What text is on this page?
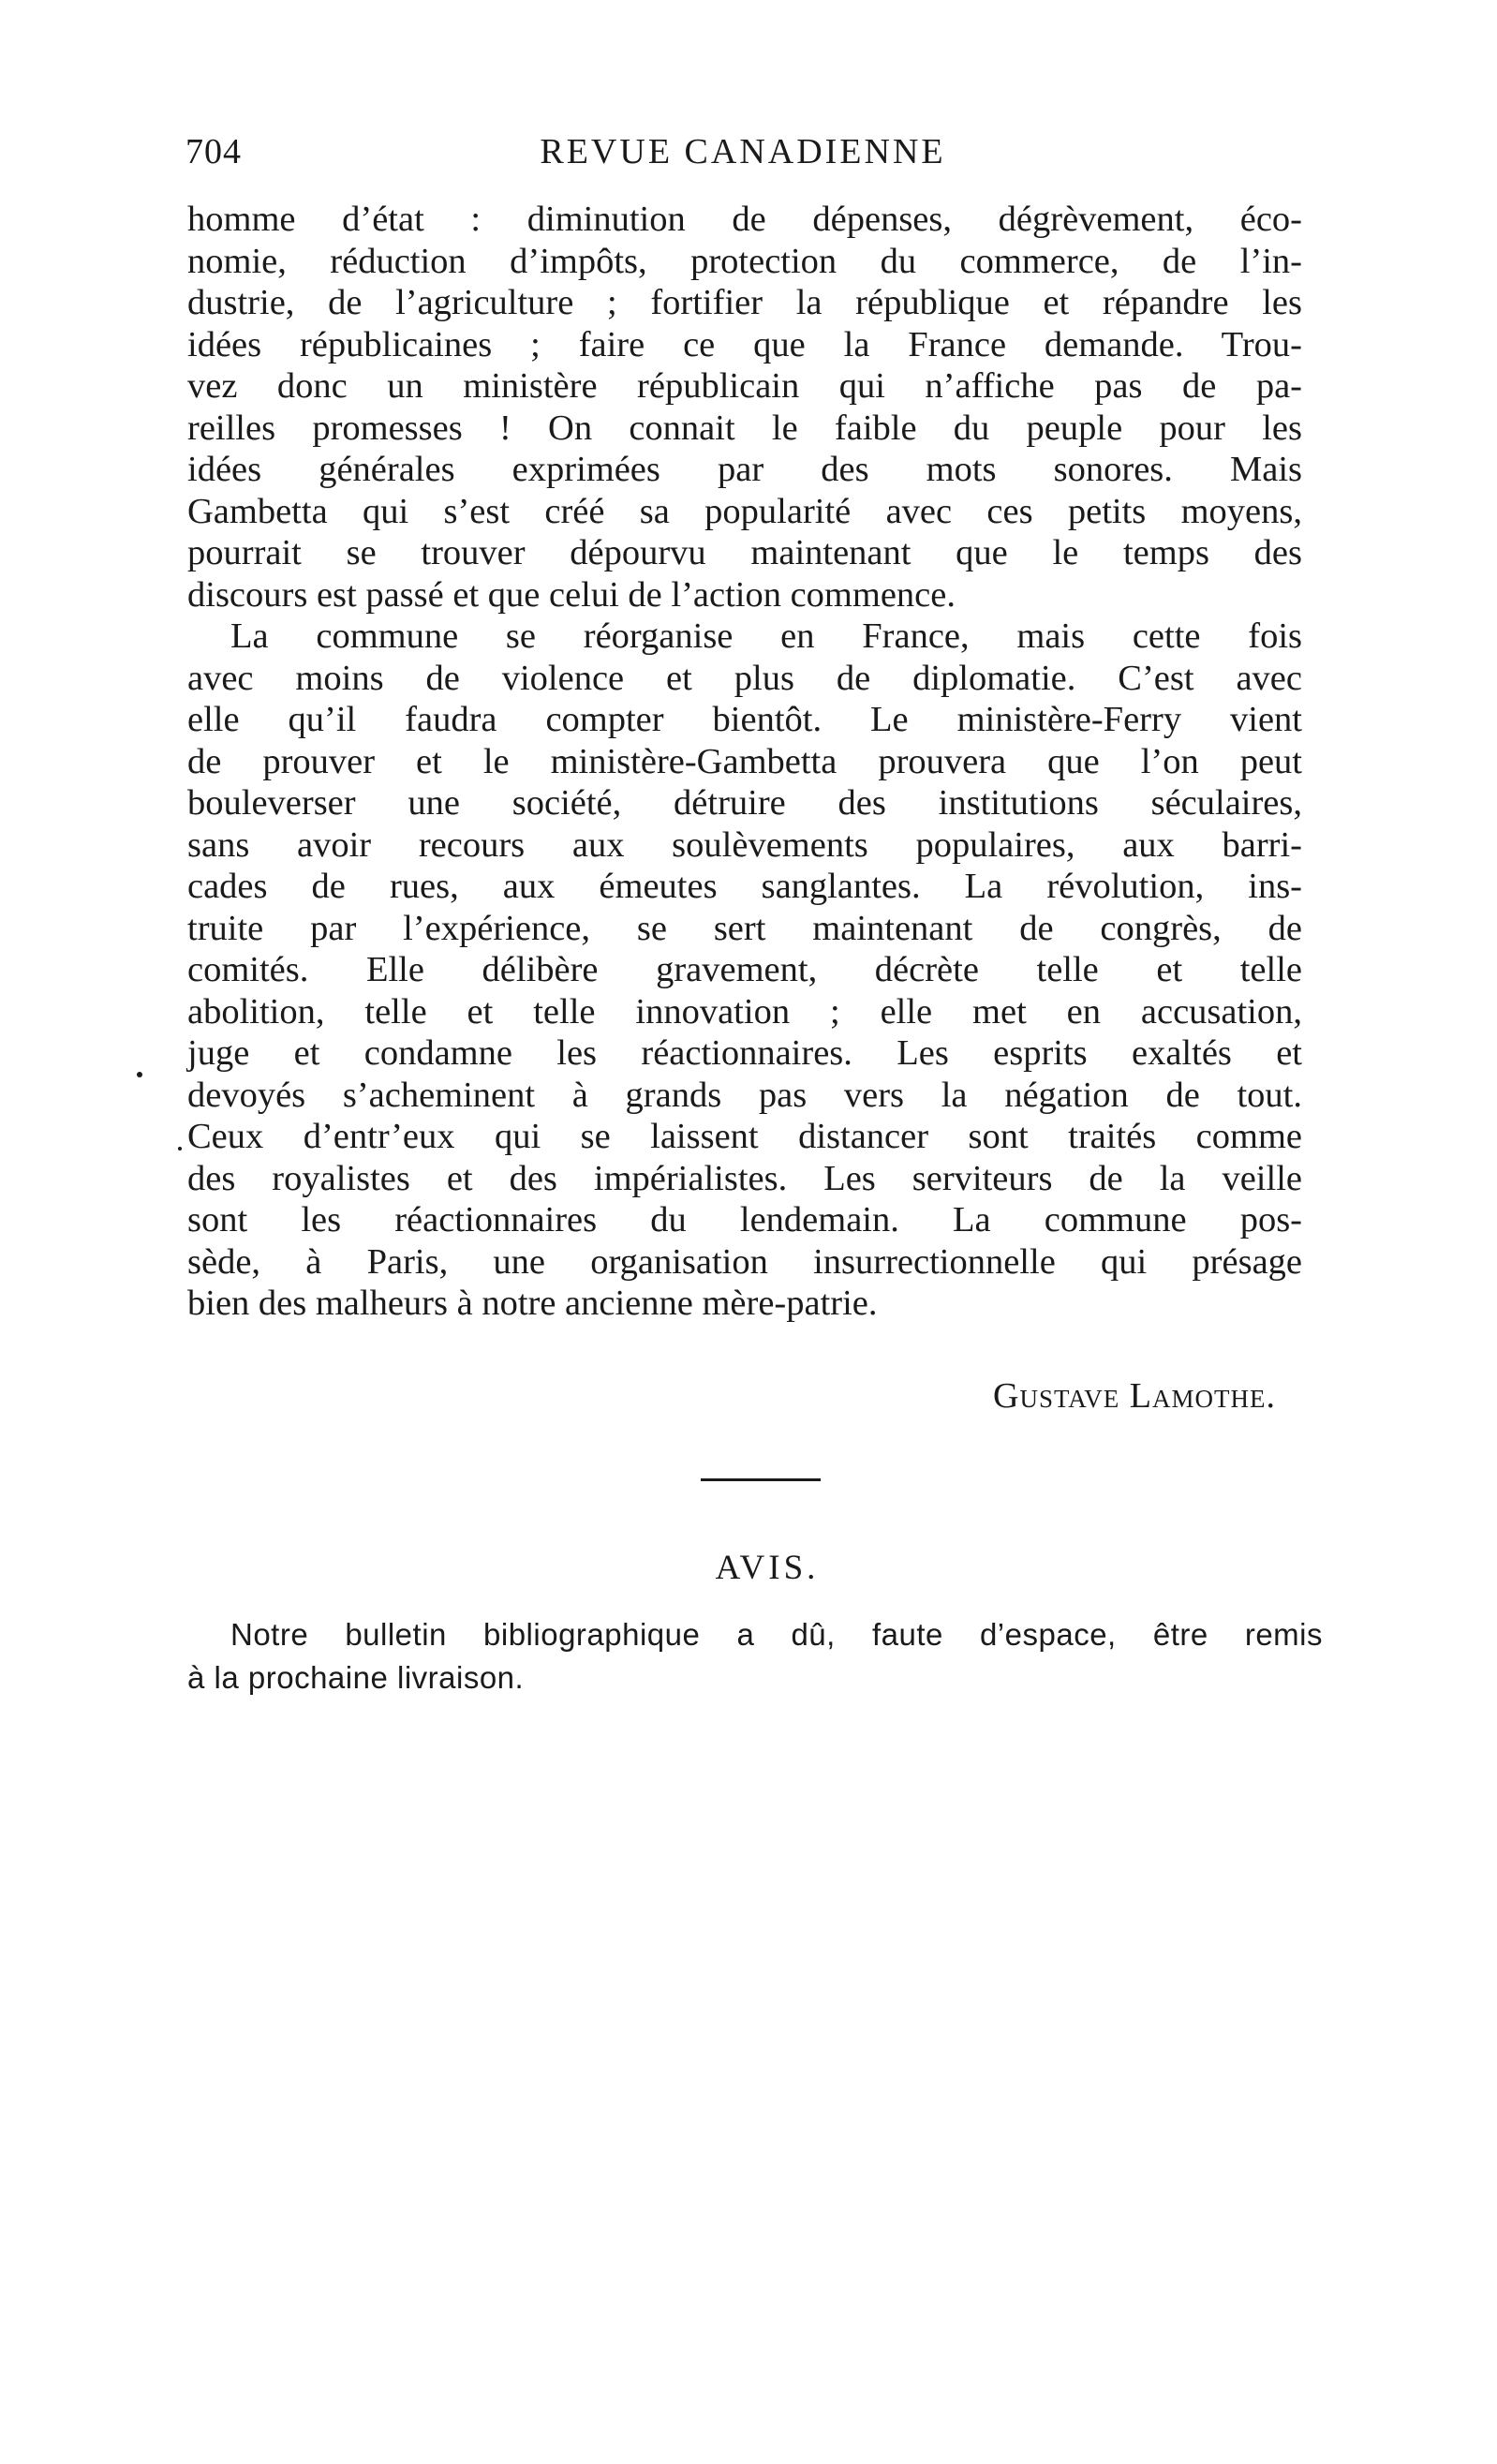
704	REVUE CANADIENNE
homme d’état : diminution de dépenses, dégrèvement, éco-
nomie, réduction d’impôts, protection du commerce, de l’in-
dustrie, de l’agriculture ; fortifier la république et répandre les
idées républicaines ; faire ce que la France demande. Trou-
vez donc un ministère républicain qui n’affiche pas de pa-
reilles promesses ! On connait le faible du peuple pour les
idées générales exprimées par des mots sonores. Mais
Gambetta qui s’est créé sa popularité avec ces petits moyens,
pourrait se trouver dépourvu maintenant que le temps des
discours est passé et que celui de l’action commence.
La commune se réorganise en France, mais cette fois
avec moins de violence et plus de diplomatie. C’est avec
elle qu’il faudra compter bientôt. Le ministère-Ferry vient
de prouver et le ministère-Gambetta prouvera que l’on peut
bouleverser une société, détruire des institutions séculaires,
sans avoir recours aux soulèvements populaires, aux barri-
cades de rues, aux émeutes sanglantes. La révolution, ins-
truite par l’expérience, se sert maintenant de congrès, de
comités. Elle délibère gravement, décrète telle et telle
abolition, telle et telle innovation ; elle met en accusation,
juge et condamne les réactionnaires. Les esprits exaltés et
devoyés s’acheminent à grands pas vers la négation de tout.
Ceux d’entr’eux qui se laissent distancer sont traités comme
des royalistes et des impérialistes. Les serviteurs de la veille
sont les réactionnaires du lendemain. La commune pos-
sède, à Paris, une organisation insurrectionnelle qui présage
bien des malheurs à notre ancienne mère-patrie.
Gustave Lamothe.
AVIS.
Notre bulletin bibliographique a dû, faute d’espace, être remis
à la prochaine livraison.
